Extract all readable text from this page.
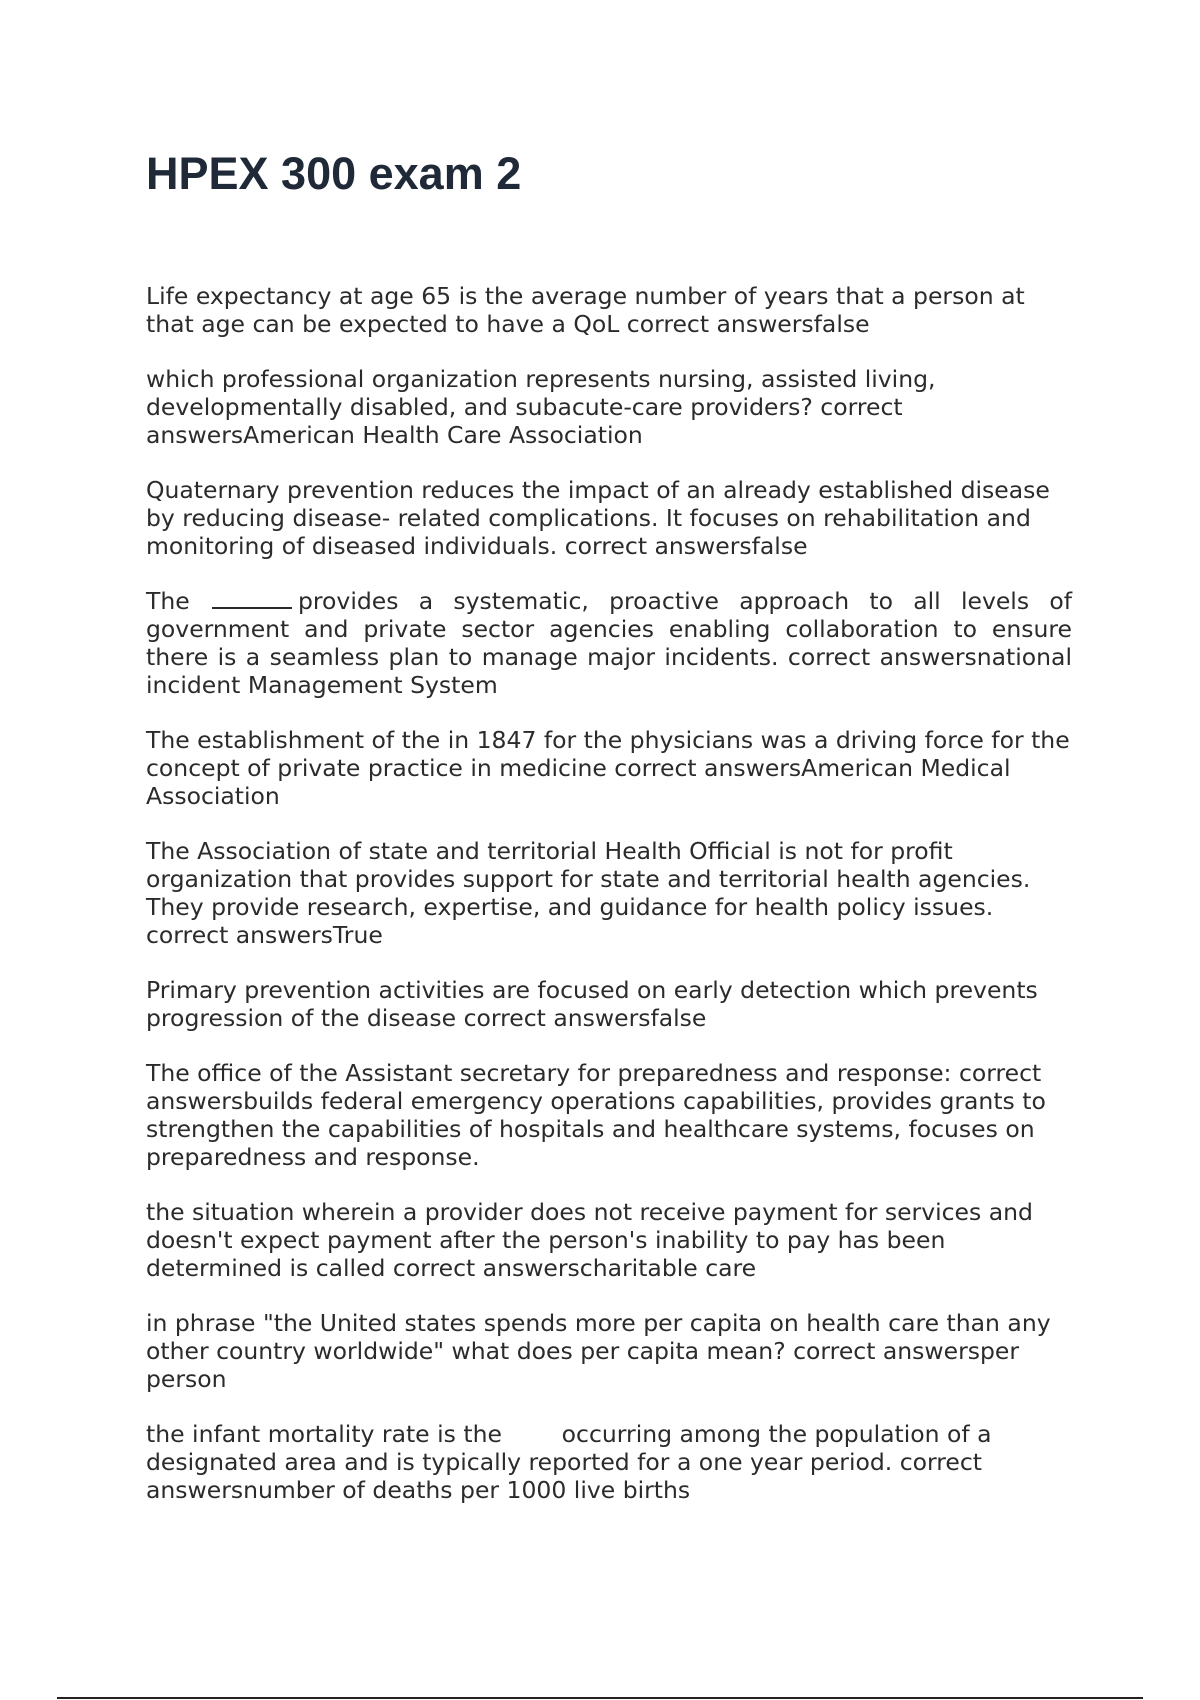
HPEX 300 exam 2

Life expectancy at age 65 is the average number of years that a person at that age can be expected to have a QoL correct answersfalse

which professional organization represents nursing, assisted living, developmentally disabled, and subacute-care providers? correct answersAmerican Health Care Association

Quaternary prevention reduces the impact of an already established disease by reducing disease- related complications. It focuses on rehabilitation and monitoring of diseased individuals. correct answersfalse

The	provides a systematic, proactive approach to all levels of government and private sector agencies enabling collaboration to ensure there is a seamless plan to manage major incidents. correct answersnational incident Management System

The establishment of the in 1847 for the physicians was a driving force for the concept of private practice in medicine correct answersAmerican Medical Association

The Association of state and territorial Health Official is not for profit organization that provides support for state and territorial health agencies. They provide research, expertise, and guidance for health policy issues. correct answersTrue

Primary prevention activities are focused on early detection which prevents progression of the disease correct answersfalse

The office of the Assistant secretary for preparedness and response: correct answersbuilds federal emergency operations capabilities, provides grants to strengthen the capabilities of hospitals and healthcare systems, focuses on preparedness and response.

the situation wherein a provider does not receive payment for services and doesn't expect payment after the person's inability to pay has been determined is called correct answerscharitable care

in phrase "the United states spends more per capita on health care than any other country worldwide" what does per capita mean? correct answersper person

the infant mortality rate is the        occurring among the population of a designated area and is typically reported for a one year period. correct answersnumber of deaths per 1000 live births
